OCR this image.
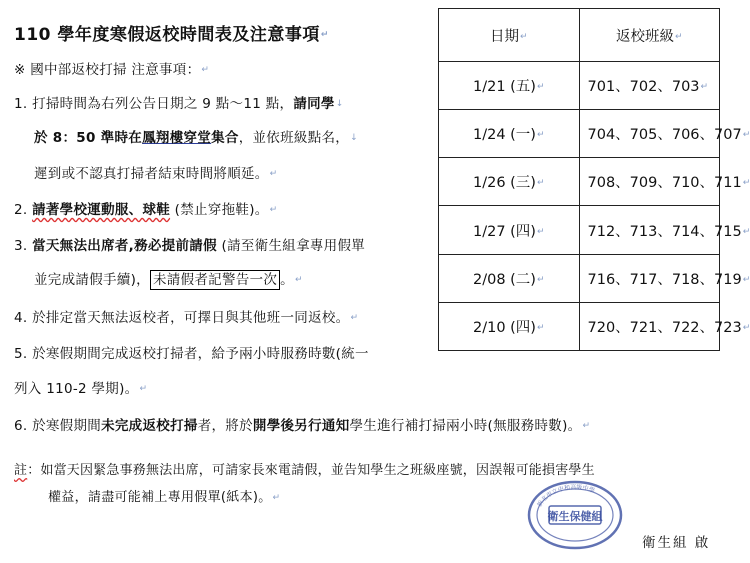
110 學年度寒假返校時間表及注意事項↵
※ 國中部返校打掃 注意事項：↵
1. 打掃時間為右列公告日期之 9 點～11 點，請同學↓
於 8：50 準時在鳳翔樓穿堂集合，並依班級點名，↓
遲到或不認真打掃者結束時間將順延。↵
2. 請著學校運動服、球鞋 (禁止穿拖鞋)。↵
3. 當天無法出席者,務必提前請假 (請至衛生組拿專用假單
並完成請假手續)， 未請假者記警告一次 。↵
4. 於排定當天無法返校者，可擇日與其他班一同返校。↵
5. 於寒假期間完成返校打掃者，給予兩小時服務時數(統一
列入 110-2 學期)。↵
6. 於寒假期間未完成返校打掃者，將於開學後另行通知學生進行補打掃兩小時(無服務時數)。↵
註：如當天因緊急事務無法出席，可請家長來電請假，並告知學生之班級座號，因誤報可能損害學生
權益，請盡可能補上專用假單(紙本)。↵
日期↵	返校班級↵
1/21 (五)↵	701、702、703↵
1/24 (一)↵	704、705、706、707↵
1/26 (三)↵	708、709、710、711↵
1/27 (四)↵	712、713、714、715↵
2/08 (二)↵	716、717、718、719↵
2/10 (四)↵	720、721、722、723↵
衛生保健組
新北市立中和高級中學
衛生組 啟
